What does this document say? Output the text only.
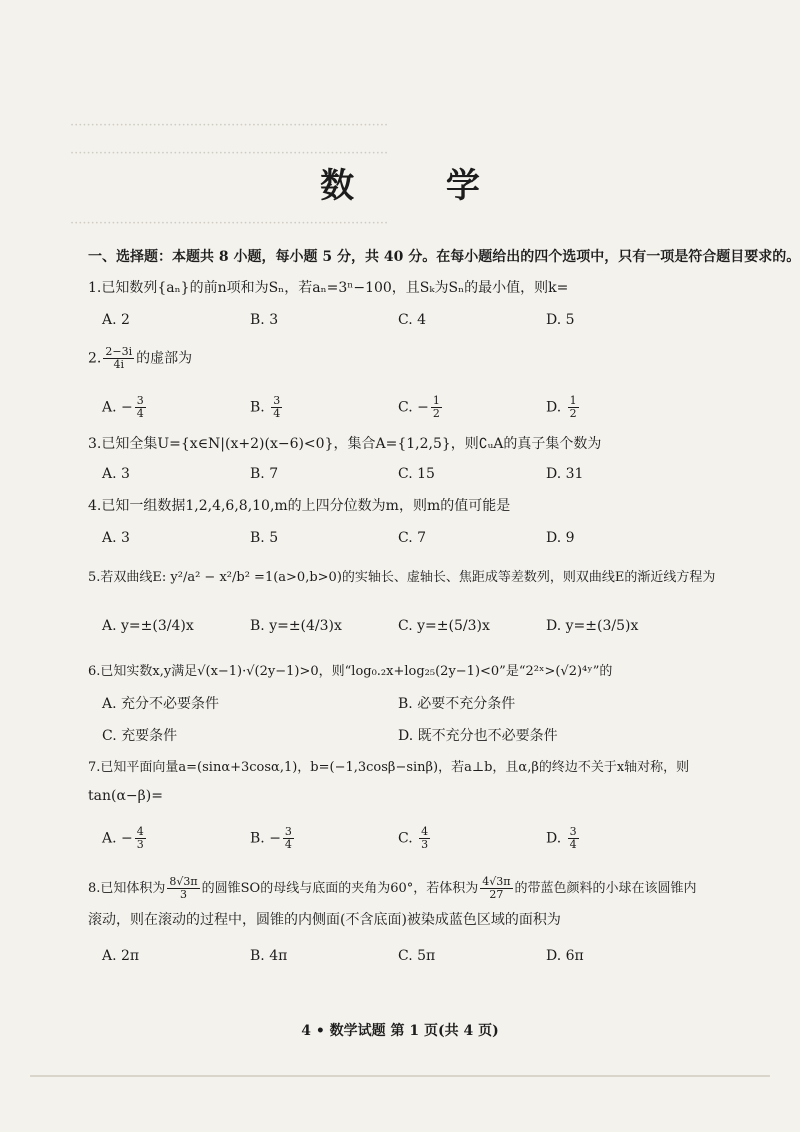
·············································································
·············································································
·············································································
数 学
一、选择题：本题共 8 小题，每小题 5 分，共 40 分。在每小题给出的四个选项中，只有一项是符合题目要求的。
1.已知数列{aₙ}的前n项和为Sₙ，若aₙ=3ⁿ−100，且Sₖ为Sₙ的最小值，则k=
A. 2	B. 3	C. 4	D. 5
2. $\frac{2-3i}{4i}$ 的虚部为
A. − $\frac{3}{4}$	B. $\frac{3}{4}$	C. − $\frac{1}{2}$	D. $\frac{1}{2}$
3.已知全集U={x∈N|(x+2)(x−6)<0}，集合A={1,2,5}，则∁ᵤA的真子集个数为
A. 3	B. 7	C. 15	D. 31
4.已知一组数据1,2,4,6,8,10,m的上四分位数为m，则m的值可能是
A. 3	B. 5	C. 7	D. 9
5.若双曲线E: y²/a² − x²/b² =1(a>0,b>0)的实轴长、虚轴长、焦距成等差数列，则双曲线E的渐近线方程为
A. y=±(3/4)x	B. y=±(4/3)x	C. y=±(5/3)x	D. y=±(3/5)x
6.已知实数x,y满足√(x−1)·√(2y−1)>0，则“log₀.₂x+log₂₅(2y−1)<0”是“2²ˣ>(√2)⁴ʸ”的
A. 充分不必要条件	B. 必要不充分条件
C. 充要条件	D. 既不充分也不必要条件
7.已知平面向量a=(sinα+3cosα,1)，b=(−1,3cosβ−sinβ)，若a⊥b，且α,β的终边不关于x轴对称，则
tan(α−β)=
A. − $\frac{4}{3}$	B. − $\frac{3}{4}$	C. $\frac{4}{3}$	D. $\frac{3}{4}$
8.已知体积为 $\frac{8√3\pi}{3}$ 的圆锥SO的母线与底面的夹角为60°，若体积为 $\frac{4√3\pi}{27}$ 的带蓝色颜料的小球在该圆锥内
滚动，则在滚动的过程中，圆锥的内侧面(不含底面)被染成蓝色区域的面积为
A. 2π	B. 4π	C. 5π	D. 6π
4 • 数学试题 第 1 页(共 4 页)
